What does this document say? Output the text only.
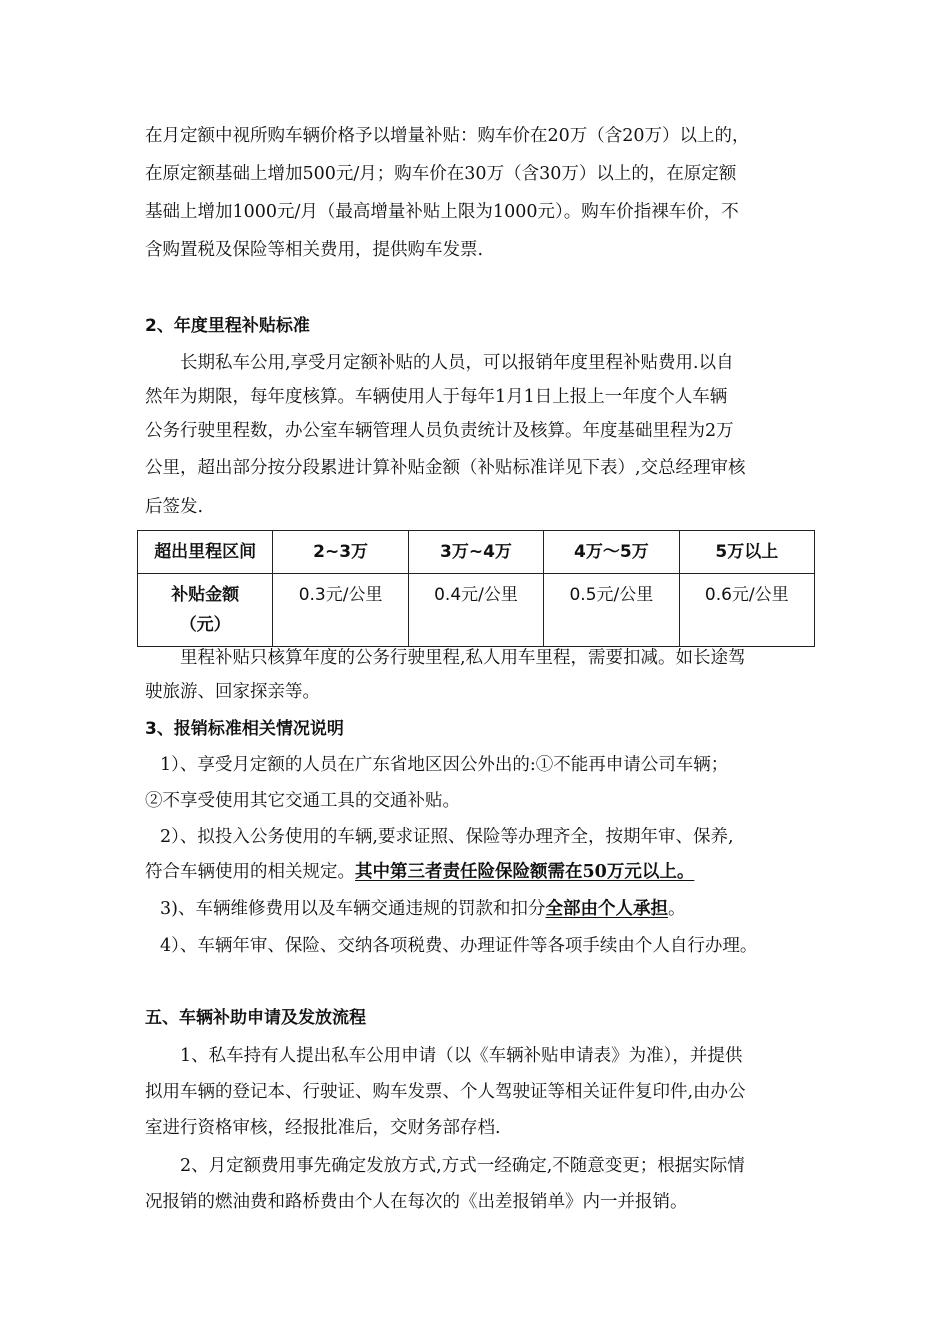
在月定额中视所购车辆价格予以增量补贴：购车价在20万（含20万）以上的，

在原定额基础上增加500元/月；购车价在30万（含30万）以上的，在原定额

基础上增加1000元/月（最高增量补贴上限为1000元）。购车价指裸车价，不

含购置税及保险等相关费用，提供购车发票.

2、年度里程补贴标准

长期私车公用,享受月定额补贴的人员，可以报销年度里程补贴费用.以自

然年为期限，每年度核算。车辆使用人于每年1月1日上报上一年度个人车辆

公务行驶里程数，办公室车辆管理人员负责统计及核算。年度基础里程为2万

公里，超出部分按分段累进计算补贴金额（补贴标准详见下表）,交总经理审核

后签发.

超出里程区间	2~3万	3万~4万	4万～5万	5万以上
补贴金额
（元）	0.3元/公里	0.4元/公里	0.5元/公里	0.6元/公里

里程补贴只核算年度的公务行驶里程,私人用车里程，需要扣减。如长途驾

驶旅游、回家探亲等。

3、报销标准相关情况说明

1）、享受月定额的人员在广东省地区因公外出的:①不能再申请公司车辆；

②不享受使用其它交通工具的交通补贴。

2）、拟投入公务使用的车辆,要求证照、保险等办理齐全，按期年审、保养,

符合车辆使用的相关规定。其中第三者责任险保险额需在50万元以上。

3)、车辆维修费用以及车辆交通违规的罚款和扣分全部由个人承担。

4）、车辆年审、保险、交纳各项税费、办理证件等各项手续由个人自行办理。

五、车辆补助申请及发放流程

1、私车持有人提出私车公用申请（以《车辆补贴申请表》为准），并提供

拟用车辆的登记本、行驶证、购车发票、个人驾驶证等相关证件复印件,由办公

室进行资格审核，经报批准后，交财务部存档.

2、月定额费用事先确定发放方式,方式一经确定,不随意变更；根据实际情

况报销的燃油费和路桥费由个人在每次的《出差报销单》内一并报销。
